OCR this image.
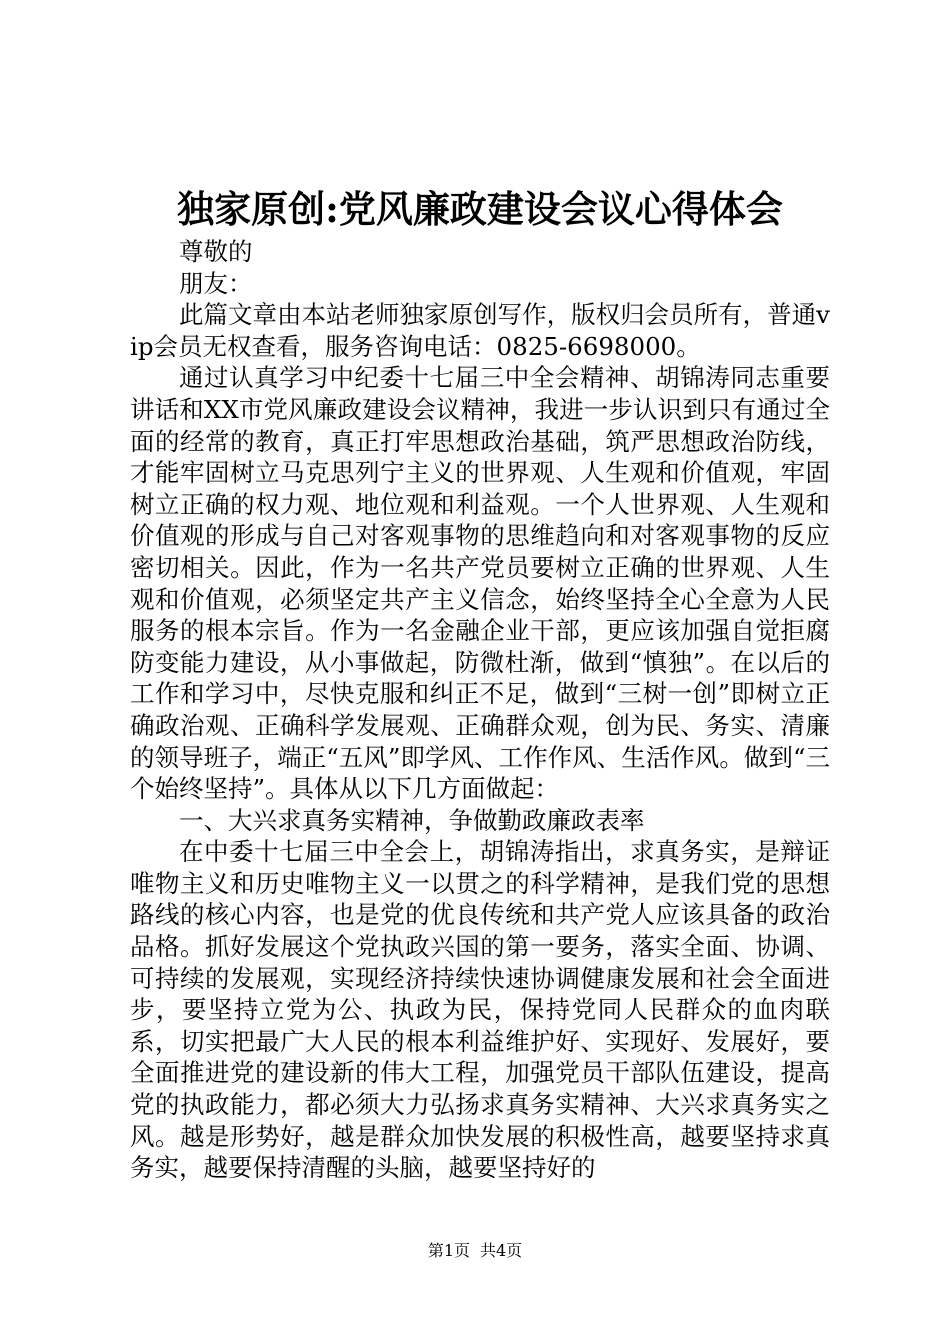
独家原创:党风廉政建设会议心得体会

尊敬的

朋友：

此篇文章由本站老师独家原创写作，版权归会员所有，普通vip会员无权查看，服务咨询电话：0825-6698000。

通过认真学习中纪委十七届三中全会精神、胡锦涛同志重要讲话和XX市党风廉政建设会议精神，我进一步认识到只有通过全面的经常的教育，真正打牢思想政治基础，筑严思想政治防线，才能牢固树立马克思列宁主义的世界观、人生观和价值观，牢固树立正确的权力观、地位观和利益观。一个人世界观、人生观和价值观的形成与自己对客观事物的思维趋向和对客观事物的反应密切相关。因此，作为一名共产党员要树立正确的世界观、人生观和价值观，必须坚定共产主义信念，始终坚持全心全意为人民服务的根本宗旨。作为一名金融企业干部，更应该加强自觉拒腐防变能力建设，从小事做起，防微杜渐，做到“慎独”。在以后的工作和学习中，尽快克服和纠正不足，做到“三树一创”即树立正确政治观、正确科学发展观、正确群众观，创为民、务实、清廉的领导班子，端正“五风”即学风、工作作风、生活作风。做到“三个始终坚持”。具体从以下几方面做起：

一、大兴求真务实精神，争做勤政廉政表率

在中委十七届三中全会上，胡锦涛指出，求真务实，是辩证唯物主义和历史唯物主义一以贯之的科学精神，是我们党的思想路线的核心内容，也是党的优良传统和共产党人应该具备的政治品格。抓好发展这个党执政兴国的第一要务，落实全面、协调、可持续的发展观，实现经济持续快速协调健康发展和社会全面进步，要坚持立党为公、执政为民，保持党同人民群众的血肉联系，切实把最广大人民的根本利益维护好、实现好、发展好，要全面推进党的建设新的伟大工程，加强党员干部队伍建设，提高党的执政能力，都必须大力弘扬求真务实精神、大兴求真务实之风。越是形势好，越是群众加快发展的积极性高，越要坚持求真务实，越要保持清醒的头脑，越要坚持好的

第1页 共4页
